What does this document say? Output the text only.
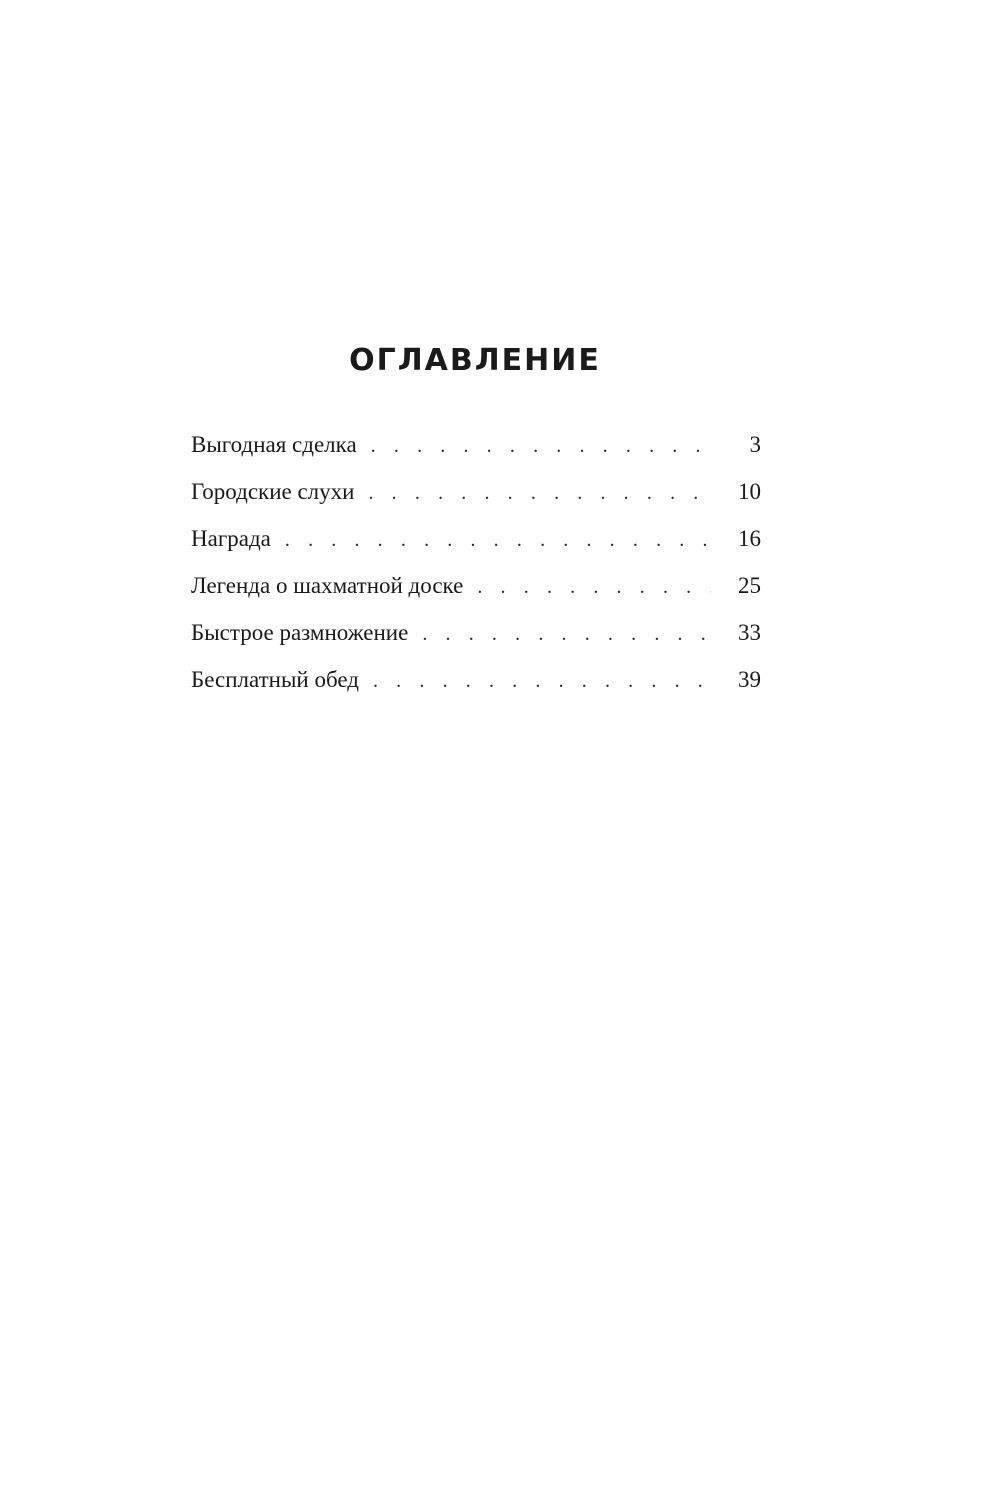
ОГЛАВЛЕНИЕ
Выгодная сделка . . .	3
Городские слухи . . .	10
Награда . . .	16
Легенда о шахматной доске . . .	25
Быстрое размножение . . .	33
Бесплатный обед . . .	39
